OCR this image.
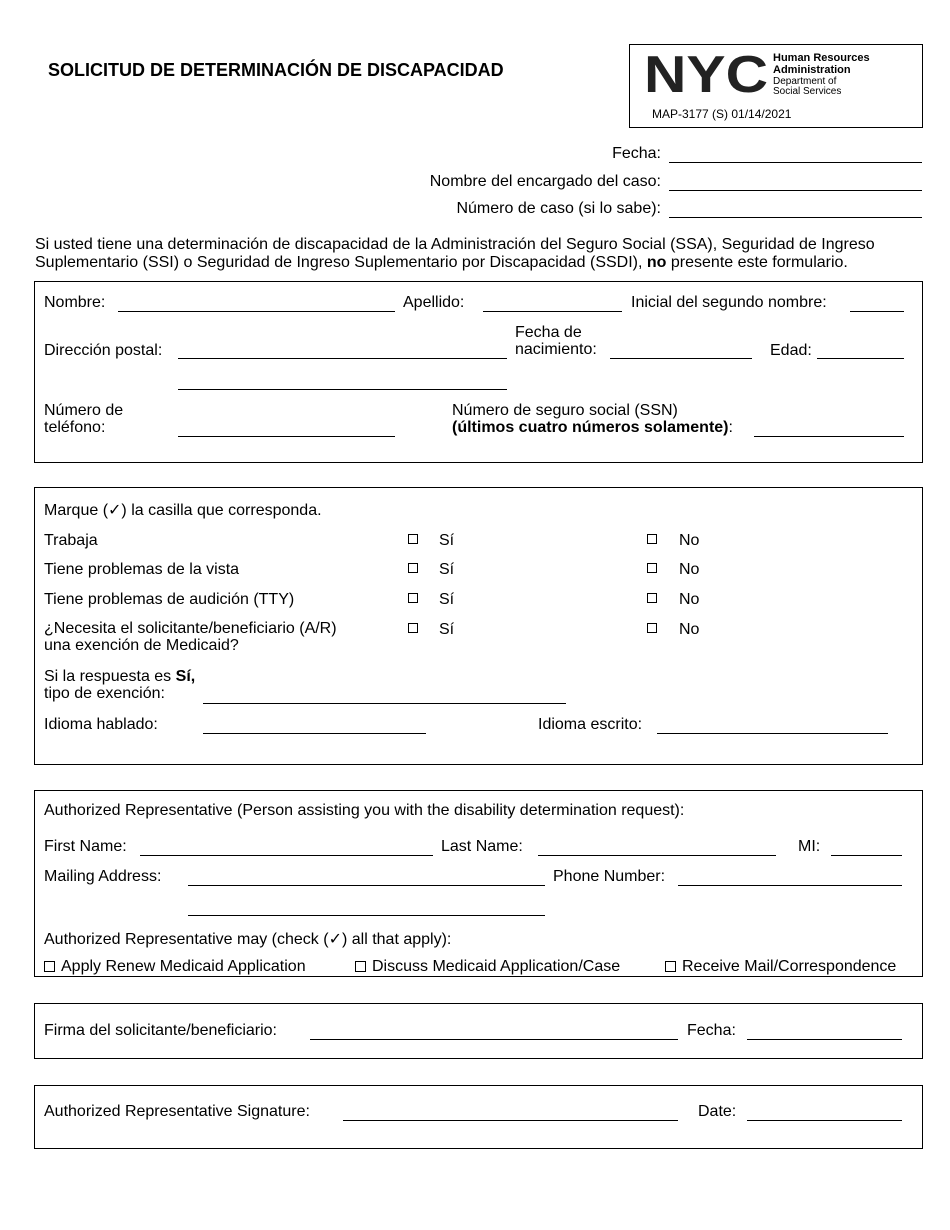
SOLICITUD DE DETERMINACIÓN DE DISCAPACIDAD	NYC Human Resources
Administration
Department of
Social Services
MAP-3177 (S) 01/14/2021
Fecha:
Nombre del encargado del caso:
Número de caso (si lo sabe):
Si usted tiene una determinación de discapacidad de la Administración del Seguro Social (SSA), Seguridad de Ingreso
Suplementario (SSI) o Seguridad de Ingreso Suplementario por Discapacidad (SSDI), no presente este formulario.
Nombre:	Apellido:	Inicial del segundo nombre:
Dirección postal:
Fecha de
nacimiento:	Edad:
Número de
teléfono:
Número de seguro social (SSN)
(últimos cuatro números solamente):
Marque (✓) la casilla que corresponda.
Trabaja	Sí	No
Tiene problemas de la vista	Sí	No
Tiene problemas de audición (TTY)	Sí	No
¿Necesita el solicitante/beneficiario (A/R)
una exención de Medicaid?
Sí	No
Si la respuesta es Sí,
tipo de exención:
Idioma hablado:	Idioma escrito:
Authorized Representative (Person assisting you with the disability determination request):
First Name:	Last Name:	MI:
Mailing Address:	Phone Number:
Authorized Representative may (check (✓) all that apply):
Apply Renew Medicaid Application	Discuss Medicaid Application/Case	Receive Mail/Correspondence
Firma del solicitante/beneficiario:	Fecha:
Authorized Representative Signature:	Date:
